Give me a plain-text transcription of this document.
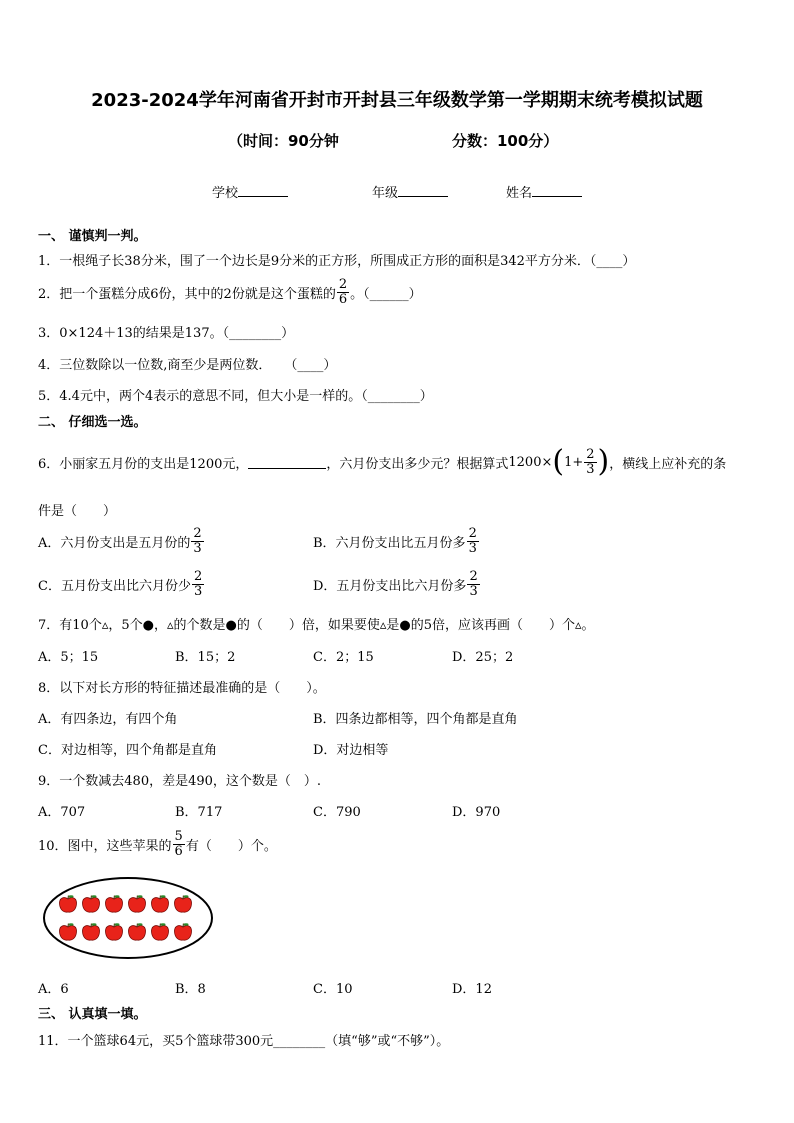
2023-2024学年河南省开封市开封县三年级数学第一学期期末统考模拟试题
（时间：90分钟	分数：100分）
学校	年级	姓名
一、 谨慎判一判。
1．一根绳子长38分米，围了一个边长是9分米的正方形，所围成正方形的面积是342平方分米．（____）
2．把一个蛋糕分成6份，其中的2份就是这个蛋糕的 $\frac{2}{6}$ 。（______）
3．0×124＋13的结果是137。（________）
4．三位数除以一位数,商至少是两位数．　　（____）
5．4.4元中，两个4表示的意思不同，但大小是一样的。（________）
二、 仔细选一选。
6．小丽家五月份的支出是1200元，	，六月份支出多少元？根据算式 1200× ( $1+ \frac{2}{3}$ ) ，横线上应补充的条
件是（　　）
A．六月份支出是五月份的 $\frac{2}{3}$	B．六月份支出比五月份多 $\frac{2}{3}$
C．五月份支出比六月份少 $\frac{2}{3}$	D．五月份支出比六月份多 $\frac{2}{3}$
7．有10个▵，5个●，▵的个数是●的（　　）倍，如果要使▵是●的5倍，应该再画（　　）个▵。
A．5；15	B．15；2	C．2；15	D．25；2
8．以下对长方形的特征描述最准确的是（　　）。
A．有四条边，有四个角	B．四条边都相等，四个角都是直角
C．对边相等，四个角都是直角	D．对边相等
9．一个数减去480，差是490，这个数是（　）.
A．707	B．717	C．790	D．970
10．图中，这些苹果的 $\frac{5}{6}$ 有（　　）个。
A．6	B．8	C．10	D．12
三、 认真填一填。
11．一个篮球64元，买5个篮球带300元________（填“够”或“不够”）。
